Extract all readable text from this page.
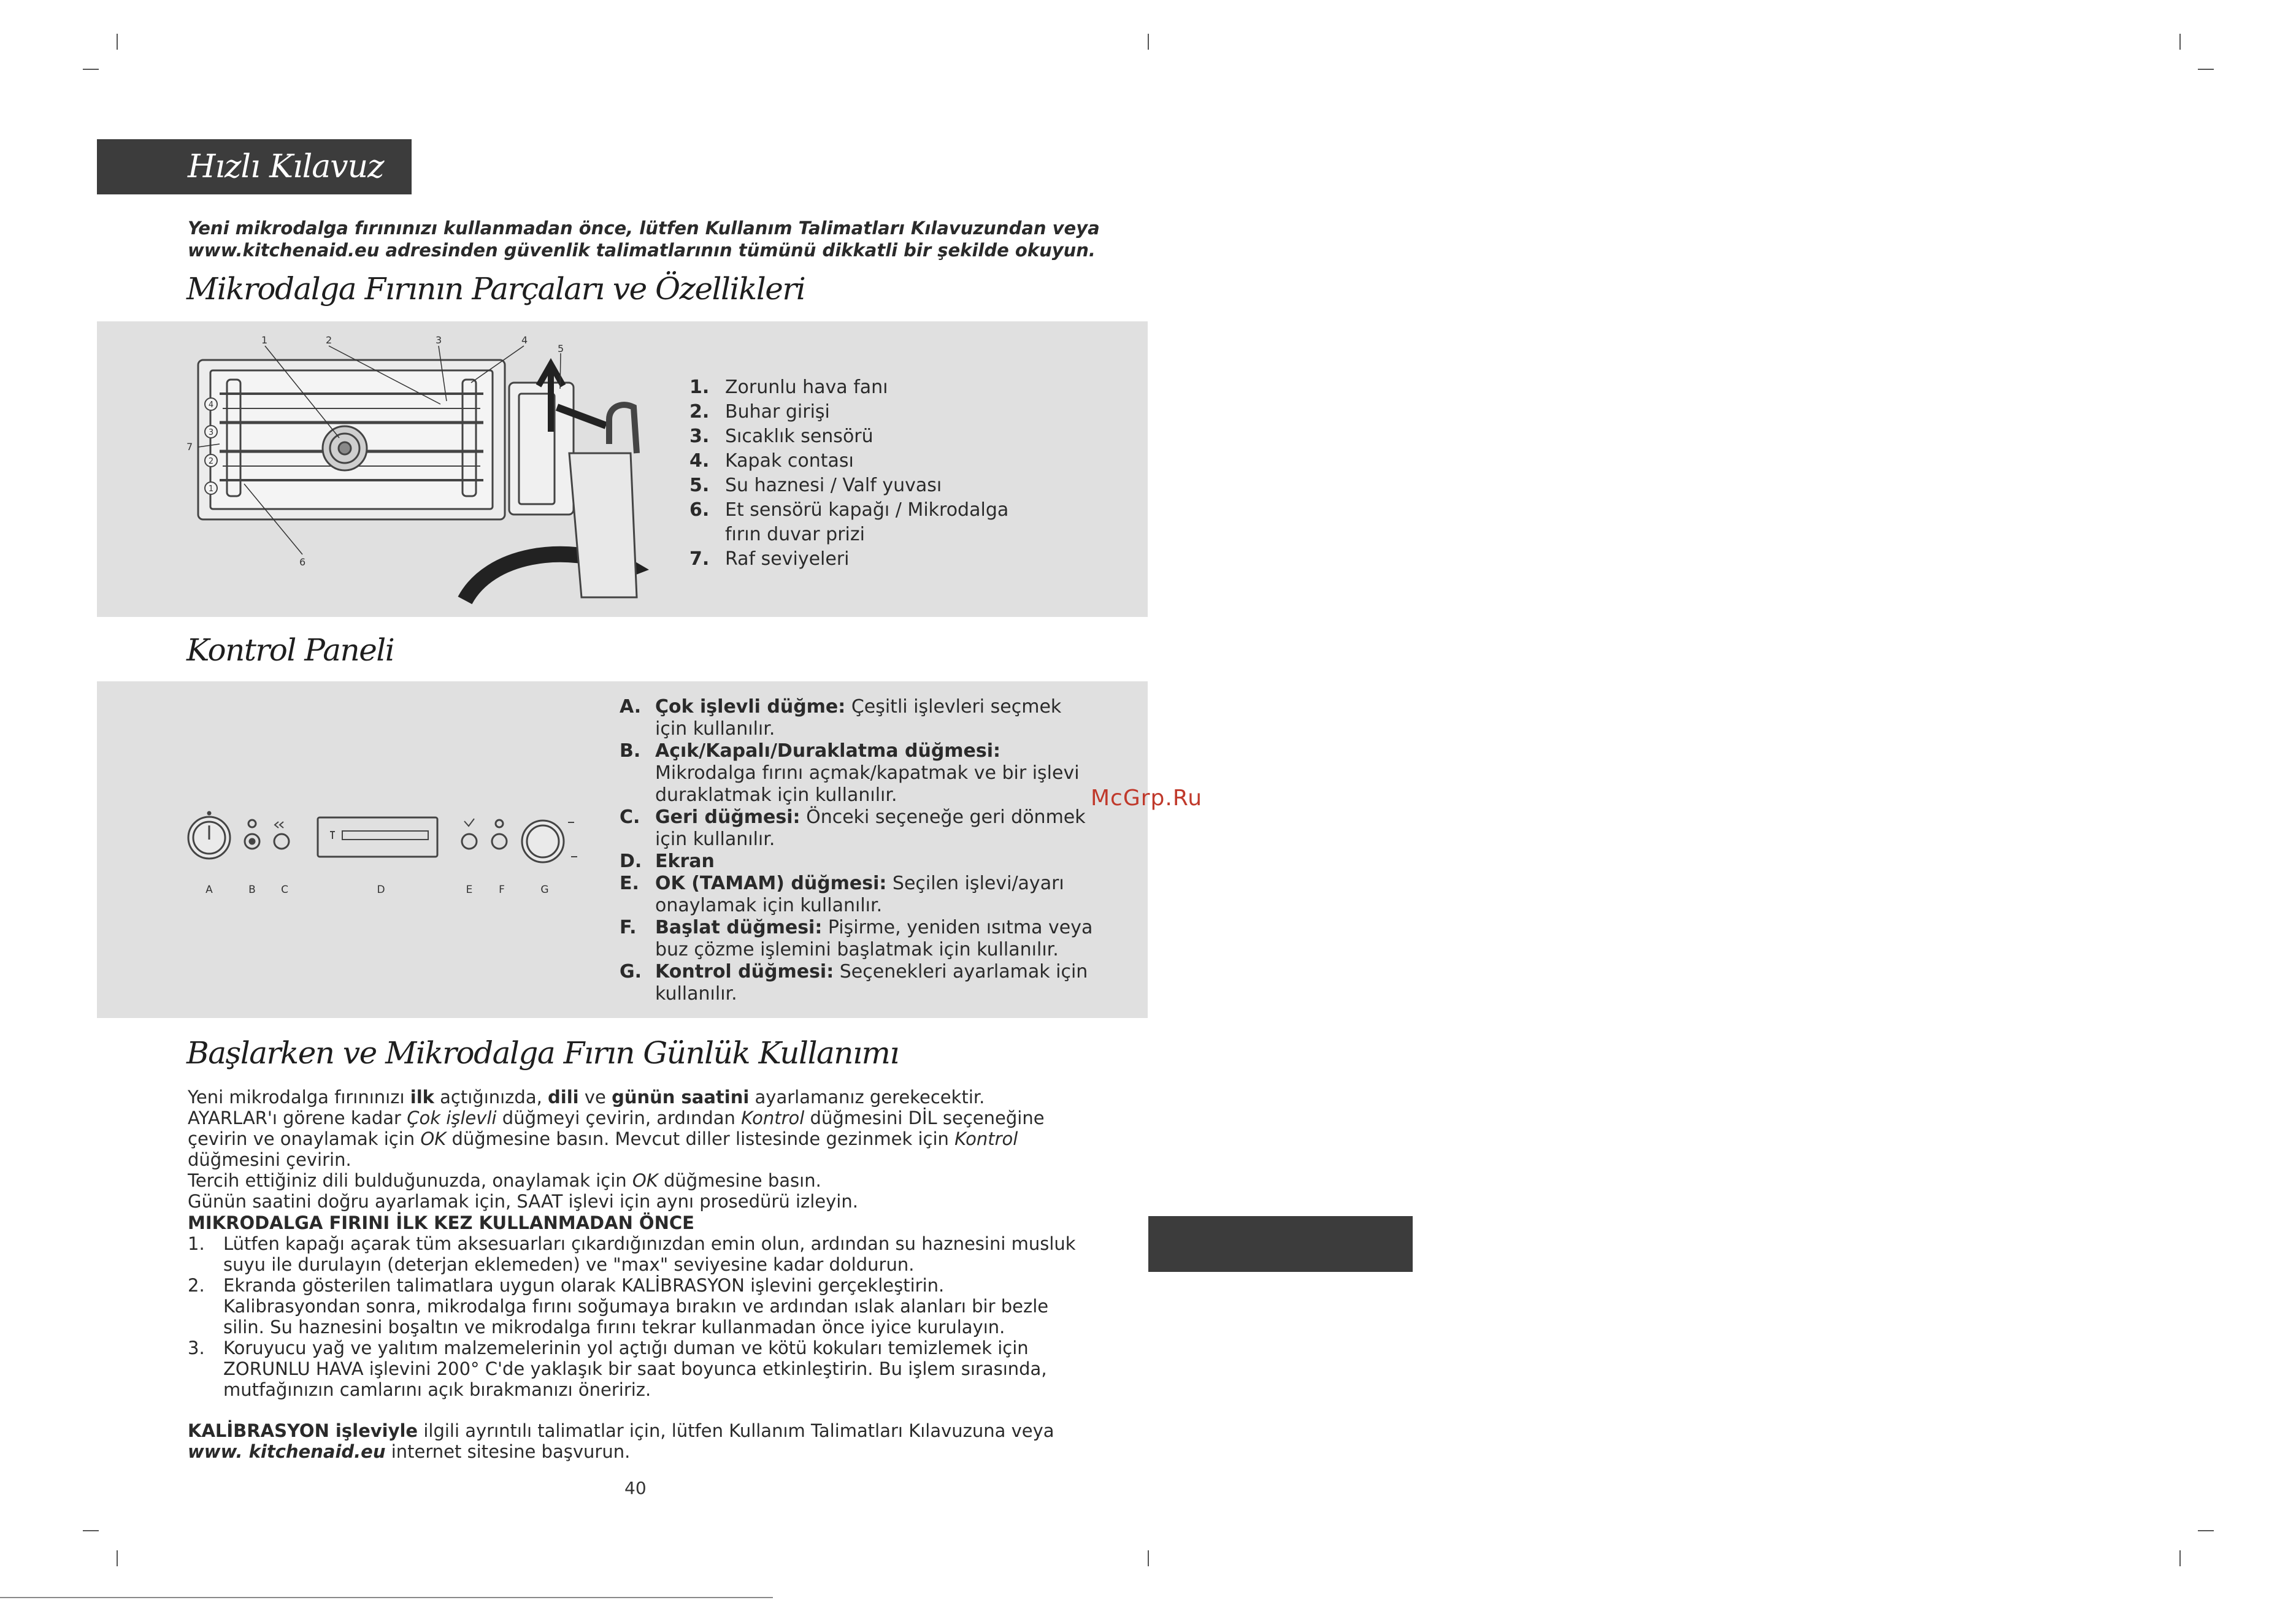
Hızlı Kılavuz
Yeni mikrodalga fırınınızı kullanmadan önce, lütfen Kullanım Talimatları Kılavuzundan veya
www.kitchenaid.eu adresinden güvenlik talimatlarının tümünü dikkatli bir şekilde okuyun.
Mikrodalga Fırının Parçaları ve Özellikleri
4
3
2
1
1	2	3	4
5
6
7
1. Zorunlu hava fanı
2. Buhar girişi
3. Sıcaklık sensörü
4. Kapak contası
5. Su haznesi / Valf yuvası
6. Et sensörü kapağı / Mikrodalga fırın duvar prizi
7. Raf seviyeleri
Kontrol Paneli
A	B C	D	E	F	G
A. Çok işlevli düğme: Çeşitli işlevleri seçmek için kullanılır.
B. Açık/Kapalı/Duraklatma düğmesi: Mikrodalga fırını açmak/kapatmak ve bir işlevi duraklatmak için kullanılır.
C. Geri düğmesi: Önceki seçeneğe geri dönmek için kullanılır.
D. Ekran
E. OK (TAMAM) düğmesi: Seçilen işlevi/ayarı onaylamak için kullanılır.
F.	Başlat düğmesi: Pişirme, yeniden ısıtma veya buz çözme işlemini başlatmak için kullanılır.
G. Kontrol düğmesi: Seçenekleri ayarlamak için kullanılır.
Başlarken ve Mikrodalga Fırın Günlük Kullanımı
Yeni mikrodalga fırınınızı ilk açtığınızda, dili ve günün saatini ayarlamanız gerekecektir.
AYARLAR'ı görene kadar Çok işlevli düğmeyi çevirin, ardından Kontrol düğmesini DİL seçeneğine çevirin ve onaylamak için OK düğmesine basın. Mevcut diller listesinde gezinmek için Kontrol düğmesini çevirin.
Tercih ettiğiniz dili bulduğunuzda, onaylamak için OK düğmesine basın.
Günün saatini doğru ayarlamak için, SAAT işlevi için aynı prosedürü izleyin.
MIKRODALGA FIRINI İLK KEZ KULLANMADAN ÖNCE
1.	Lütfen kapağı açarak tüm aksesuarları çıkardığınızdan emin olun, ardından su haznesini musluk suyu ile durulayın (deterjan eklemeden) ve "max" seviyesine kadar doldurun.
2.	Ekranda gösterilen talimatlara uygun olarak KALİBRASYON işlevini gerçekleştirin. Kalibrasyondan sonra, mikrodalga fırını soğumaya bırakın ve ardından ıslak alanları bir bezle silin. Su haznesini boşaltın ve mikrodalga fırını tekrar kullanmadan önce iyice kurulayın.
3.	Koruyucu yağ ve yalıtım malzemelerinin yol açtığı duman ve kötü kokuları temizlemek için ZORUNLU HAVA işlevini 200° C'de yaklaşık bir saat boyunca etkinleştirin. Bu işlem sırasında, mutfağınızın camlarını açık bırakmanızı öneririz.
KALİBRASYON işleviyle ilgili ayrıntılı talimatlar için, lütfen Kullanım Talimatları Kılavuzuna veya www. kitchenaid.eu internet sitesine başvurun.
McGrp.Ru
40
